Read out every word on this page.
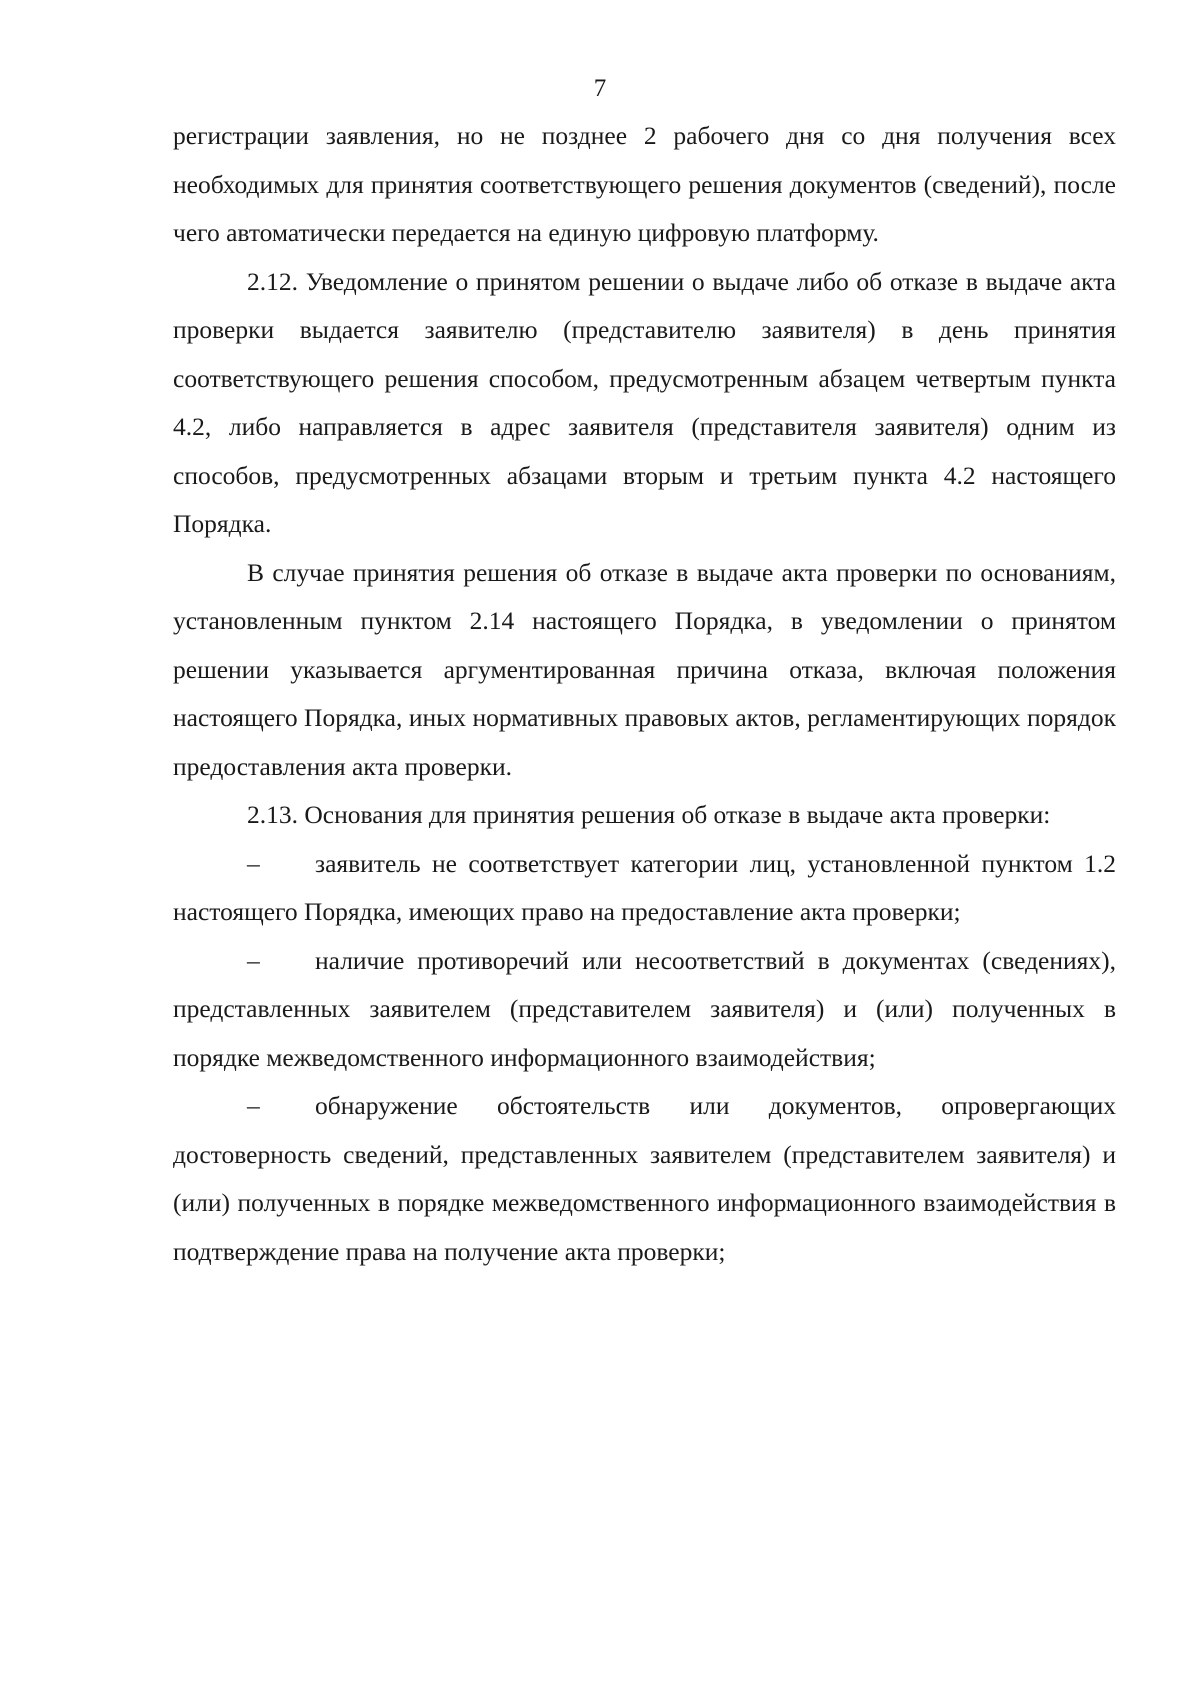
7

регистрации заявления, но не позднее 2 рабочего дня со дня получения всех необходимых для принятия соответствующего решения документов (сведений), после чего автоматически передается на единую цифровую платформу.

2.12. Уведомление о принятом решении о выдаче либо об отказе в выдаче акта проверки выдается заявителю (представителю заявителя) в день принятия соответствующего решения способом, предусмотренным абзацем четвертым пункта 4.2, либо направляется в адрес заявителя (представителя заявителя) одним из способов, предусмотренных абзацами вторым и третьим пункта 4.2 настоящего Порядка.

В случае принятия решения об отказе в выдаче акта проверки по основаниям, установленным пунктом 2.14 настоящего Порядка, в уведомлении о принятом решении указывается аргументированная причина отказа, включая положения настоящего Порядка, иных нормативных правовых актов, регламентирующих порядок предоставления акта проверки.

2.13. Основания для принятия решения об отказе в выдаче акта проверки:

– заявитель не соответствует категории лиц, установленной пунктом 1.2 настоящего Порядка, имеющих право на предоставление акта проверки;

– наличие противоречий или несоответствий в документах (сведениях), представленных заявителем (представителем заявителя) и (или) полученных в порядке межведомственного информационного взаимодействия;

– обнаружение обстоятельств или документов, опровергающих достоверность сведений, представленных заявителем (представителем заявителя) и (или) полученных в порядке межведомственного информационного взаимодействия в подтверждение права на получение акта проверки;
